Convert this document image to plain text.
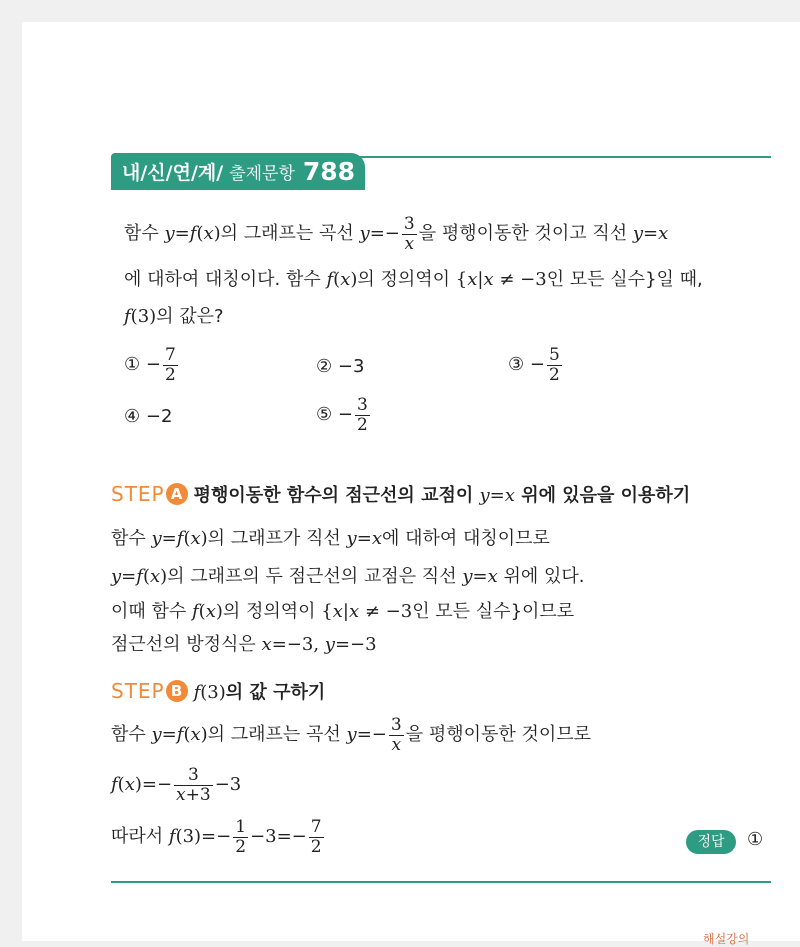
내/신/연/계/ 출제문항 788
함수 y=f(x)의 그래프는 곡선 $y=- \frac{3}{x}$ 을 평행이동한 것이고 직선 y=x
에 대하여 대칭이다. 함수 f(x)의 정의역이 {x|x ≠ −3인 모든 실수}일 때,
f(3)의 값은?
① − $\frac{7}{2}$	② −3	③ − $\frac{5}{2}$
④ −2	⑤ − $\frac{3}{2}$
STEP A 평행이동한 함수의 점근선의 교점이 y=x 위에 있음을 이용하기
함수 y=f(x)의 그래프가 직선 y=x에 대하여 대칭이므로
y=f(x)의 그래프의 두 점근선의 교점은 직선 y=x 위에 있다.
이때 함수 f(x)의 정의역이 {x|x ≠ −3인 모든 실수}이므로
점근선의 방정식은 x=−3, y=−3
STEP B f(3)의 값 구하기
함수 y=f(x)의 그래프는 곡선 $y=- \frac{3}{x}$ 을 평행이동한 것이므로
$f(x)=- \frac{3}{x+3} -3$
따라서 $f(3)=- \frac{1}{2} -3=- \frac{7}{2}$	정답	①
해설강의
